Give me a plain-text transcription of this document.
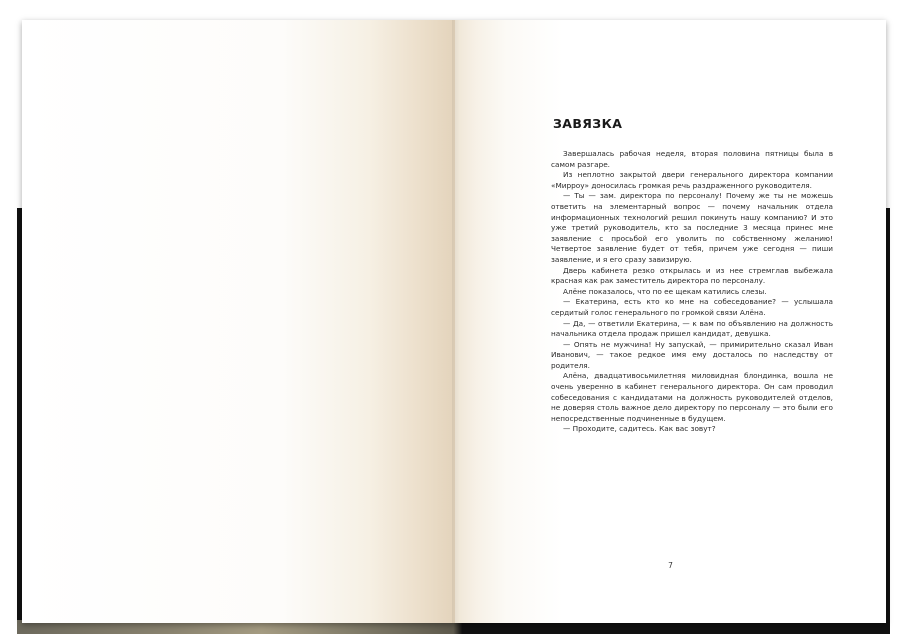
ЗАВЯЗКА

Завершалась рабочая неделя, вторая половина пятницы была в самом разгаре.

Из неплотно закрытой двери генерального директора компании «Мирроу» доносилась громкая речь раздраженного руководителя.

— Ты — зам. директора по персоналу! Почему же ты не можешь ответить на элементарный вопрос — почему начальник отдела информационных технологий решил покинуть нашу компанию? И это уже третий руководитель, кто за последние 3 месяца принес мне заявление с просьбой его уволить по собственному желанию! Четвертое заявление будет от тебя, причем уже сегодня — пиши заявление, и я его сразу завизирую.

Дверь кабинета резко открылась и из нее стремглав выбежала красная как рак заместитель директора по персоналу.

Алёне показалось, что по ее щекам катились слезы.

— Екатерина, есть кто ко мне на собеседование? — услышала сердитый голос генерального по громкой связи Алёна.

— Да, — ответили Екатерина, — к вам по объявлению на должность начальника отдела продаж пришел кандидат, девушка.

— Опять не мужчина! Ну запускай, — примирительно сказал Иван Иванович, — такое редкое имя ему досталось по наследству от родителя.

Алёна, двадцативосьмилетняя миловидная блондинка, вошла не очень уверенно в кабинет генерального директора. Он сам проводил собеседования с кандидатами на должность руководителей отделов, не доверяя столь важное дело директору по персоналу — это были его непосредственные подчиненные в будущем.

— Проходите, садитесь. Как вас зовут?

7
